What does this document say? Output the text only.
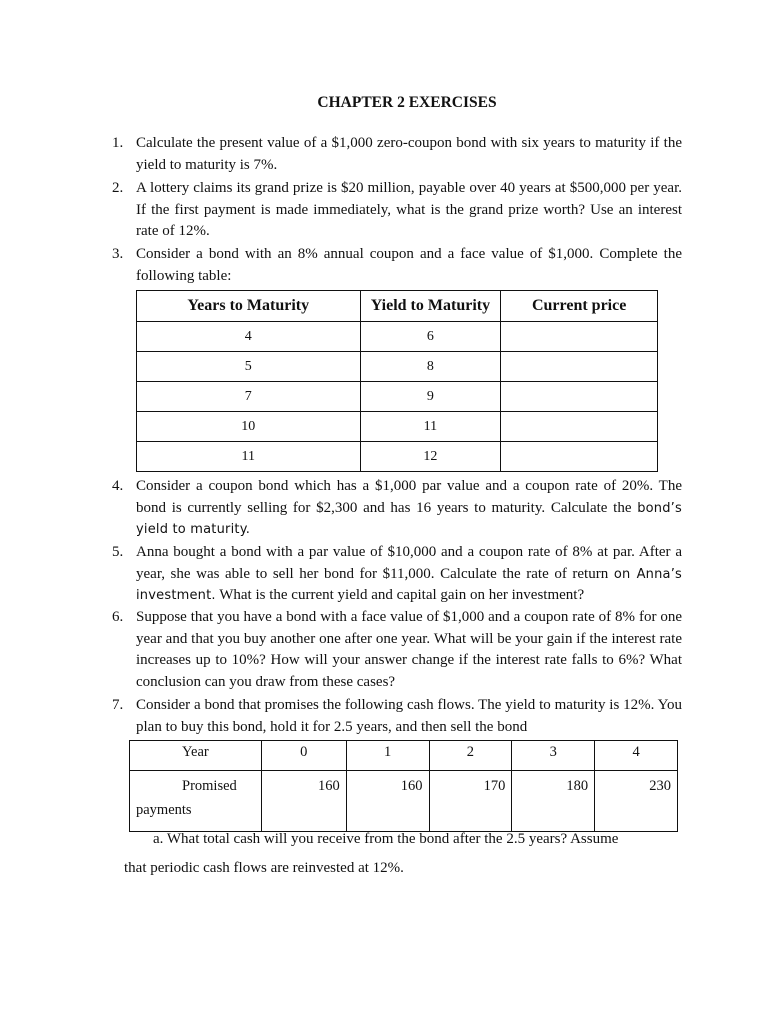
CHAPTER 2 EXERCISES
1. Calculate the present value of a $1,000 zero-coupon bond with six years to maturity if the yield to maturity is 7%.
2. A lottery claims its grand prize is $20 million, payable over 40 years at $500,000 per year. If the first payment is made immediately, what is the grand prize worth? Use an interest rate of 12%.
3. Consider a bond with an 8% annual coupon and a face value of $1,000. Complete the following table:
Years to Maturity	Yield to Maturity	Current price
4	6	
5	8	
7	9	
10	11	
11	12	
4. Consider a coupon bond which has a $1,000 par value and a coupon rate of 20%. The bond is currently selling for $2,300 and has 16 years to maturity. Calculate the bond’s yield to maturity.
5. Anna bought a bond with a par value of $10,000 and a coupon rate of 8% at par. After a year, she was able to sell her bond for $11,000. Calculate the rate of return on Anna’s investment. What is the current yield and capital gain on her investment?
6. Suppose that you have a bond with a face value of $1,000 and a coupon rate of 8% for one year and that you buy another one after one year. What will be your gain if the interest rate increases up to 10%? How will your answer change if the interest rate falls to 6%? What conclusion can you draw from these cases?
7. Consider a bond that promises the following cash flows. The yield to maturity is 12%. You plan to buy this bond, hold it for 2.5 years, and then sell the bond
Year	0	1	2	3	4

Promised
payments	160	160	170	180	230
a. What total cash will you receive from the bond after the 2.5 years? Assume
that periodic cash flows are reinvested at 12%.
